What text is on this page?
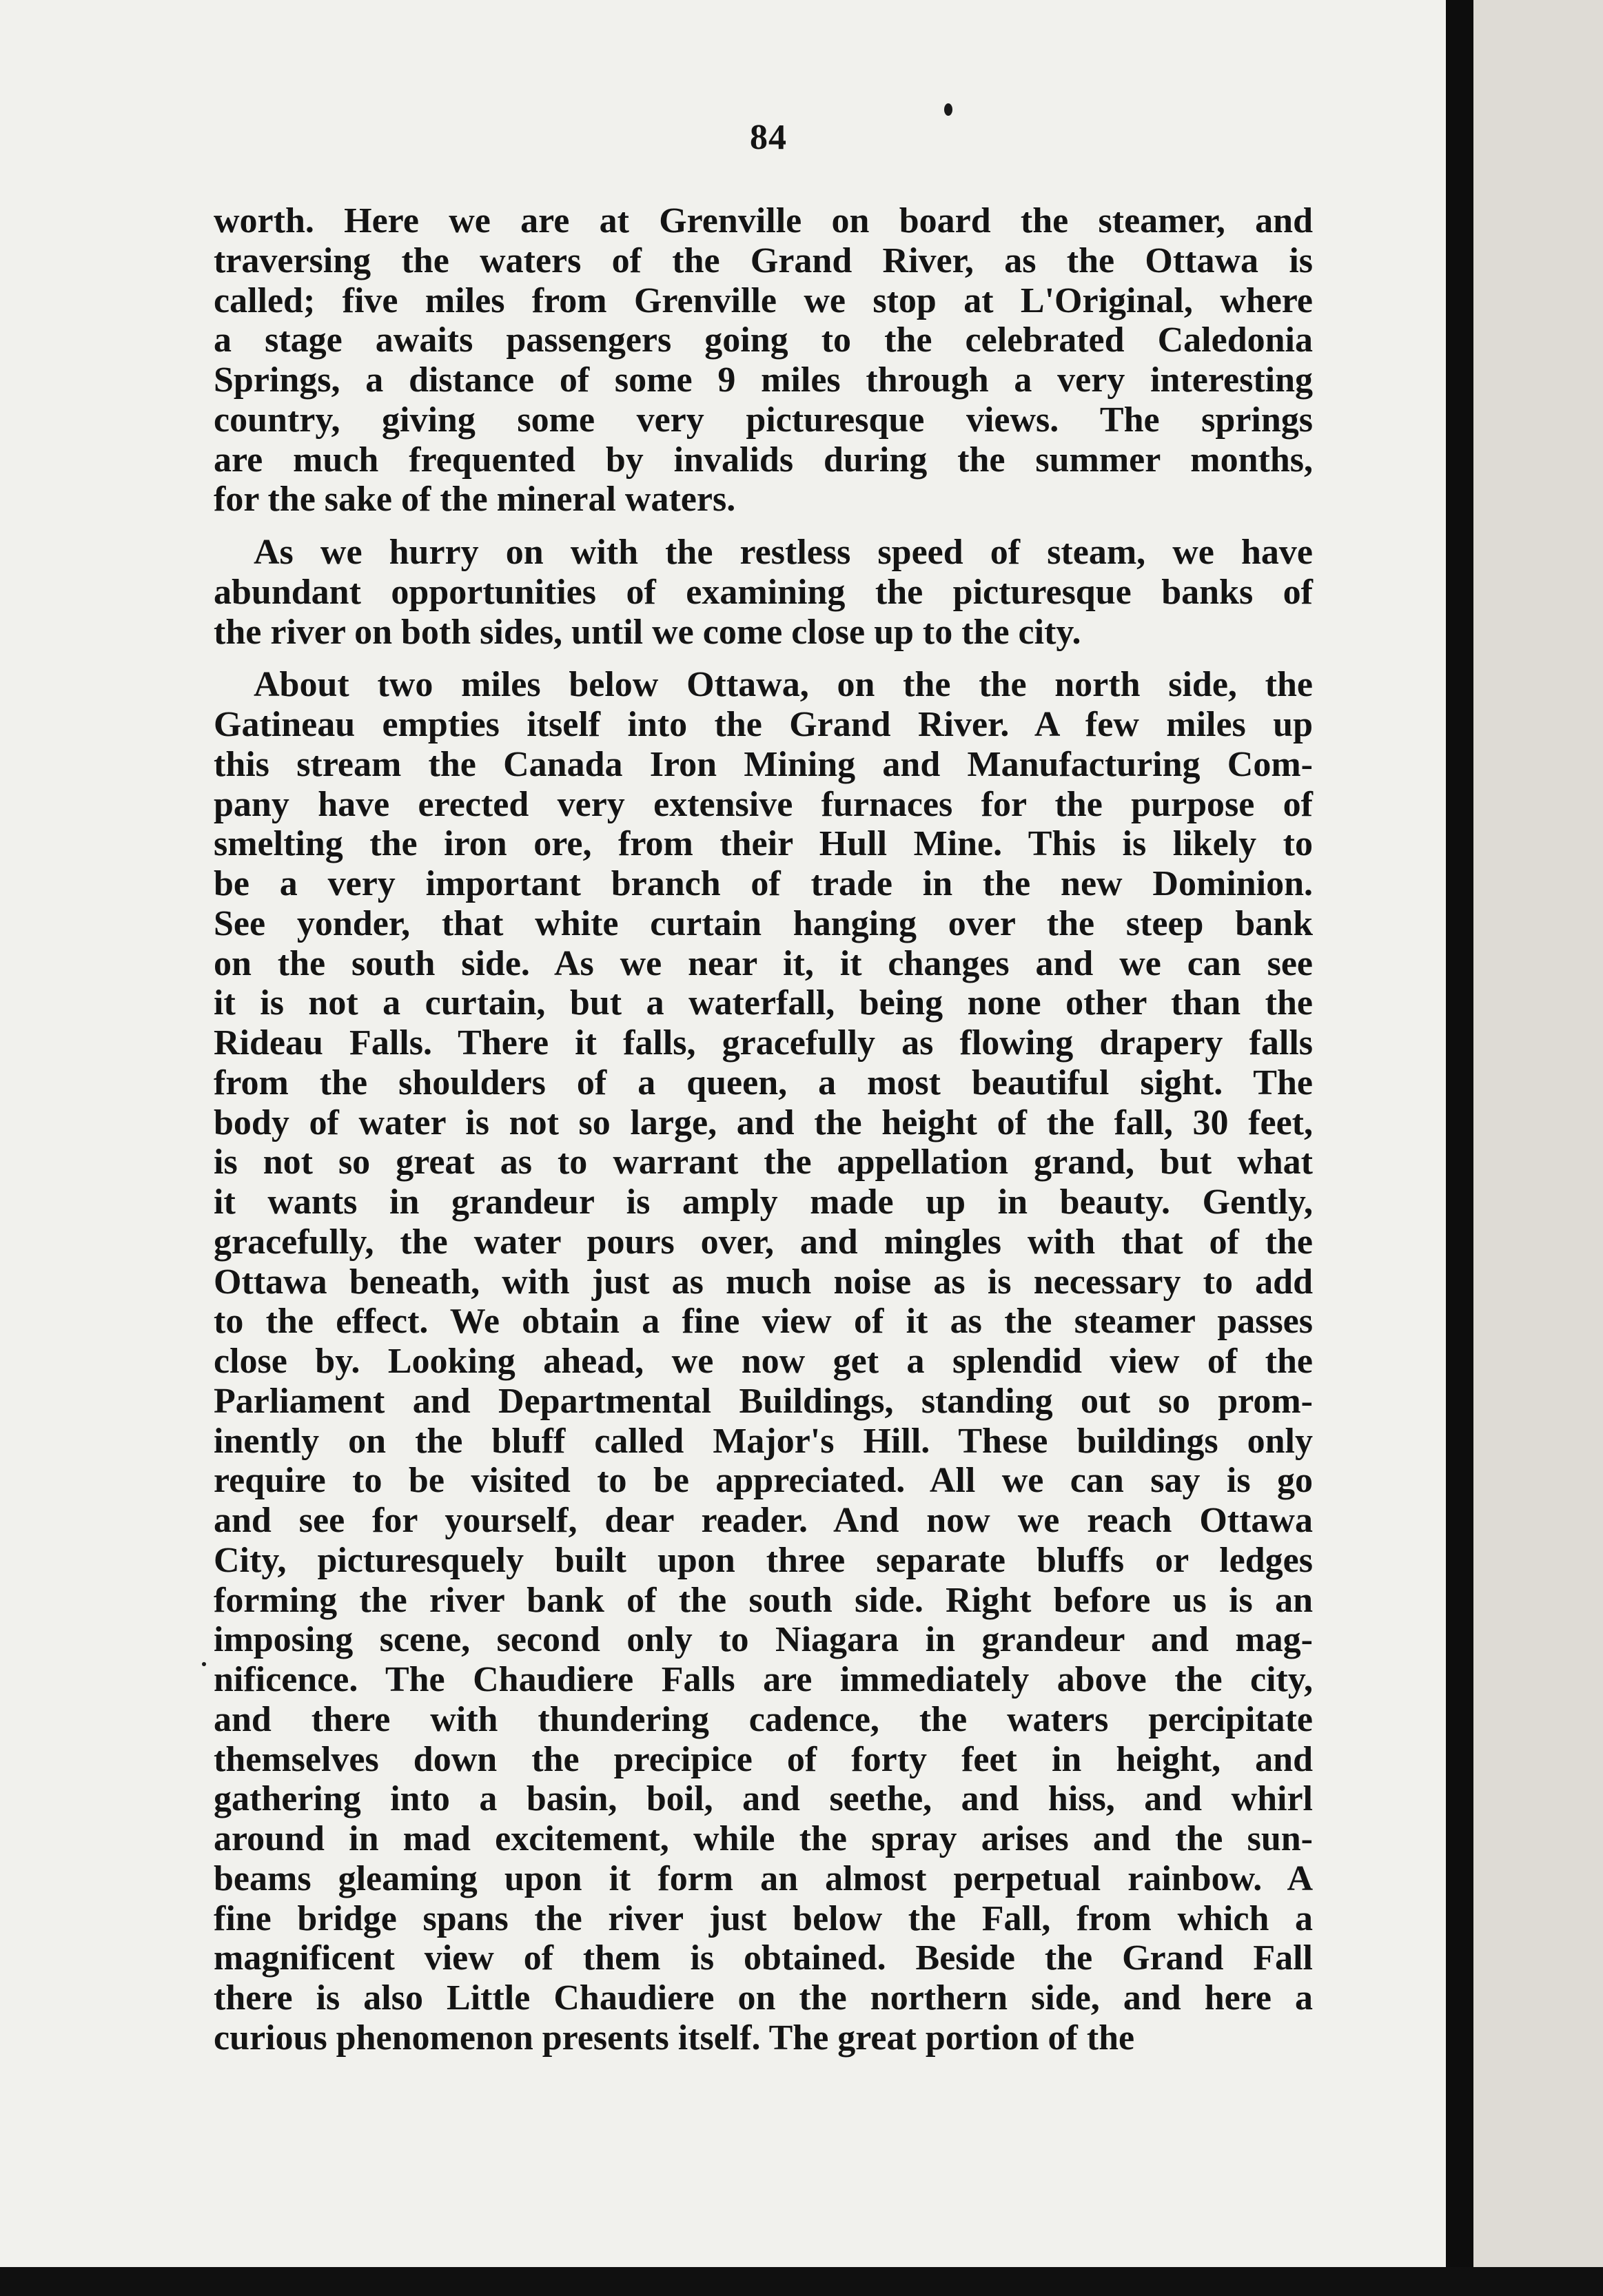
84

worth. Here we are at Grenville on board the steamer, and
traversing the waters of the Grand River, as the Ottawa is
called; five miles from Grenville we stop at L'Original, where
a stage awaits passengers going to the celebrated Caledonia
Springs, a distance of some 9 miles through a very interesting
country, giving some very picturesque views. The springs
are much frequented by invalids during the summer months,
for the sake of the mineral waters.

As we hurry on with the restless speed of steam, we have
abundant opportunities of examining the picturesque banks of
the river on both sides, until we come close up to the city.

About two miles below Ottawa, on the the north side, the
Gatineau empties itself into the Grand River. A few miles up
this stream the Canada Iron Mining and Manufacturing Com-
pany have erected very extensive furnaces for the purpose of
smelting the iron ore, from their Hull Mine. This is likely to
be a very important branch of trade in the new Dominion.
See yonder, that white curtain hanging over the steep bank
on the south side. As we near it, it changes and we can see
it is not a curtain, but a waterfall, being none other than the
Rideau Falls. There it falls, gracefully as flowing drapery falls
from the shoulders of a queen, a most beautiful sight. The
body of water is not so large, and the height of the fall, 30 feet,
is not so great as to warrant the appellation grand, but what
it wants in grandeur is amply made up in beauty. Gently,
gracefully, the water pours over, and mingles with that of the
Ottawa beneath, with just as much noise as is necessary to add
to the effect. We obtain a fine view of it as the steamer passes
close by. Looking ahead, we now get a splendid view of the
Parliament and Departmental Buildings, standing out so prom-
inently on the bluff called Major's Hill. These buildings only
require to be visited to be appreciated. All we can say is go
and see for yourself, dear reader. And now we reach Ottawa
City, picturesquely built upon three separate bluffs or ledges
forming the river bank of the south side. Right before us is an
imposing scene, second only to Niagara in grandeur and mag-
nificence. The Chaudiere Falls are immediately above the city,
and there with thundering cadence, the waters percipitate
themselves down the precipice of forty feet in height, and
gathering into a basin, boil, and seethe, and hiss, and whirl
around in mad excitement, while the spray arises and the sun-
beams gleaming upon it form an almost perpetual rainbow. A
fine bridge spans the river just below the Fall, from which a
magnificent view of them is obtained. Beside the Grand Fall
there is also Little Chaudiere on the northern side, and here a
curious phenomenon presents itself. The great portion of the
